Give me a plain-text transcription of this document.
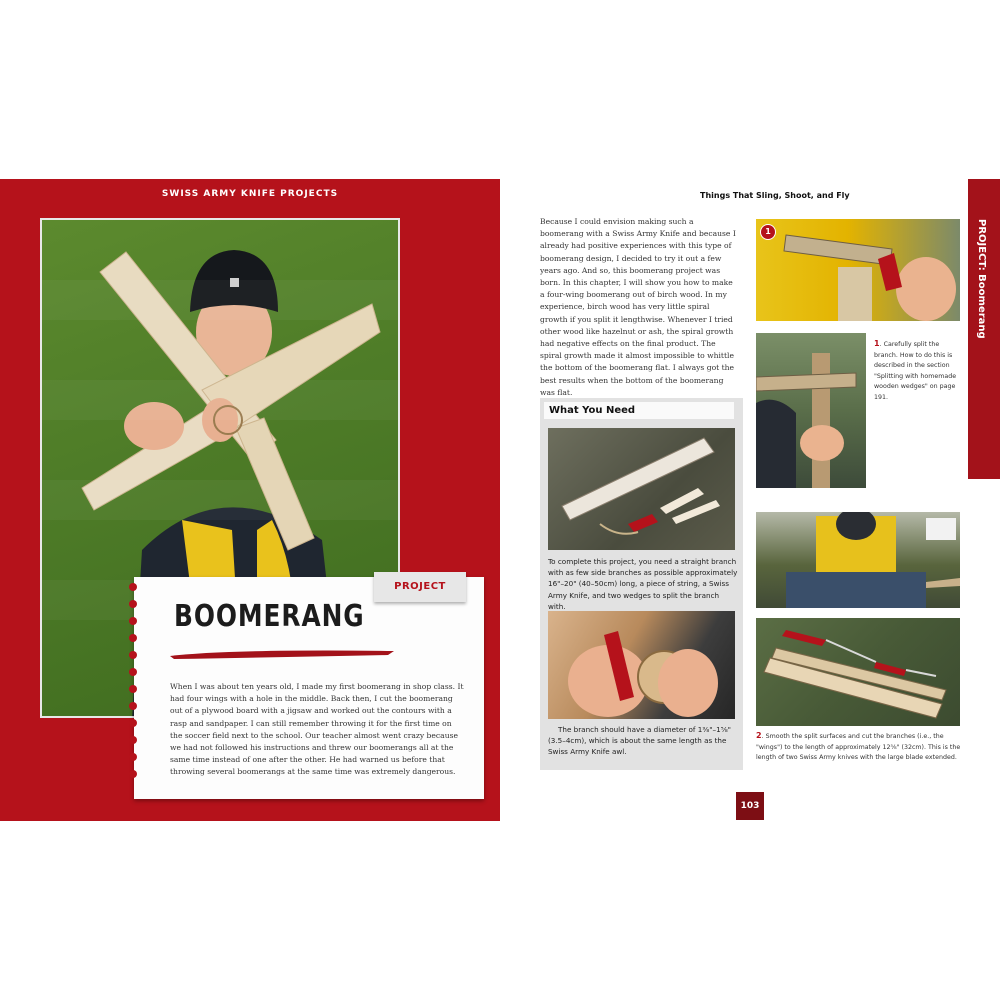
SWISS ARMY KNIFE PROJECTS
PROJECT
BOOMERANG
When I was about ten years old, I made my first boomerang in shop class. It had four wings with a hole in the middle. Back then, I cut the boomerang out of a plywood board with a jigsaw and worked out the contours with a rasp and sandpaper. I can still remember throwing it for the first time on the soccer field next to the school. Our teacher almost went crazy because we had not followed his instructions and threw our boomerangs all at the same time instead of one after the other. He had warned us before that throwing several boomerangs at the same time was extremely dangerous.
Things That Sling, Shoot, and Fly
PROJECT: Boomerang
Because I could envision making such a boomerang with a Swiss Army Knife and because I already had positive experiences with this type of boomerang design, I decided to try it out a few years ago. And so, this boomerang project was born. In this chapter, I will show you how to make a four-wing boomerang out of birch wood. In my experience, birch wood has very little spiral growth if you split it lengthwise. Whenever I tried other wood like hazelnut or ash, the spiral growth had negative effects on the final product. The spiral growth made it almost impossible to whittle the bottom of the boomerang flat. I always got the best results when the bottom of the boomerang was flat.
What You Need
To complete this project, you need a straight branch with as few side branches as possible approximately 16"–20" (40–50cm) long, a piece of string, a Swiss Army Knife, and two wedges to split the branch with.
The branch should have a diameter of 1⅜"–1⅝" (3.5–4cm), which is about the same length as the Swiss Army Knife awl.
1
1. Carefully split the branch. How to do this is described in the section "Splitting with homemade wooden wedges" on page 191.
2. Smooth the split surfaces and cut the branches (i.e., the "wings") to the length of approximately 12⅝" (32cm). This is the length of two Swiss Army knives with the large blade extended.
103
